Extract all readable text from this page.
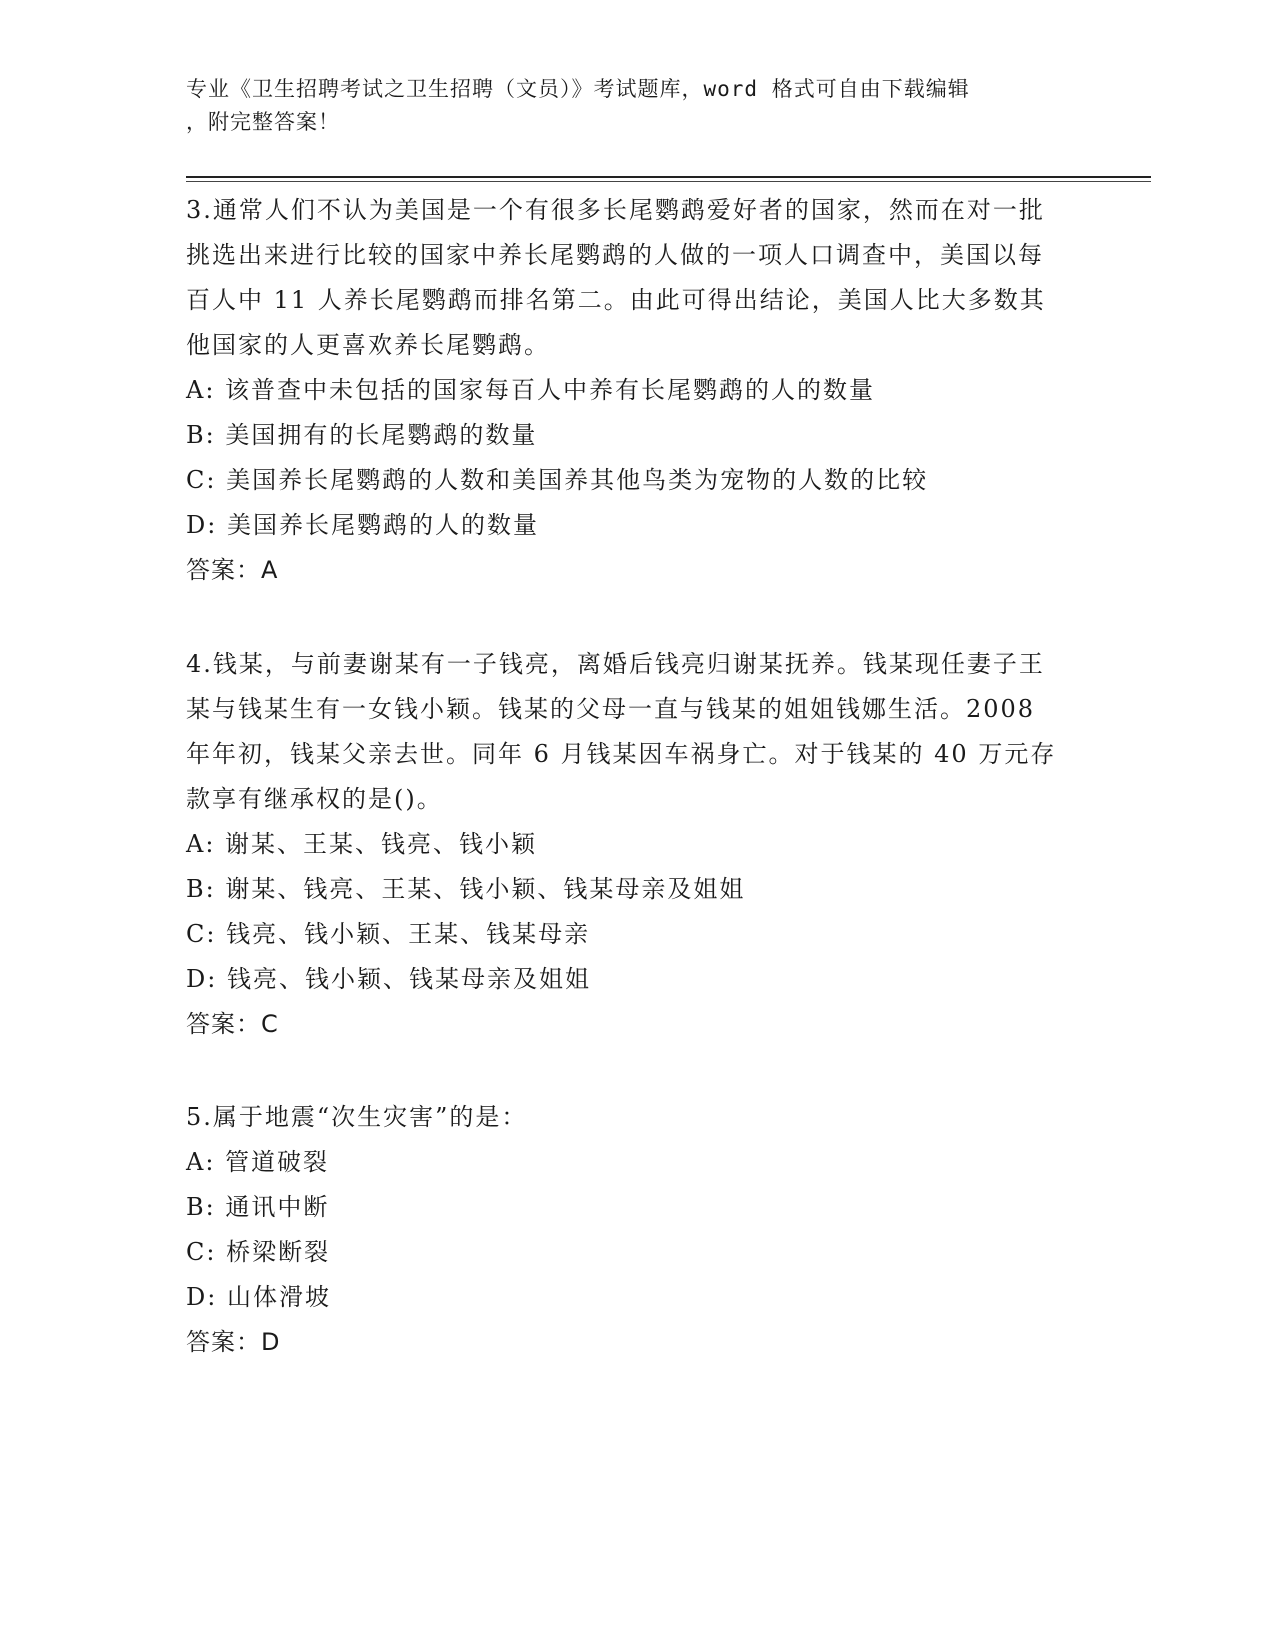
专业《卫生招聘考试之卫生招聘（文员）》考试题库，word 格式可自由下载编辑
，附完整答案！

3.通常人们不认为美国是一个有很多长尾鹦鹉爱好者的国家，然而在对一批挑选出来进行比较的国家中养长尾鹦鹉的人做的一项人口调查中，美国以每百人中 11 人养长尾鹦鹉而排名第二。由此可得出结论，美国人比大多数其他国家的人更喜欢养长尾鹦鹉。

A: 该普查中未包括的国家每百人中养有长尾鹦鹉的人的数量

B: 美国拥有的长尾鹦鹉的数量

C: 美国养长尾鹦鹉的人数和美国养其他鸟类为宠物的人数的比较

D: 美国养长尾鹦鹉的人的数量

答案：A

4.钱某，与前妻谢某有一子钱亮，离婚后钱亮归谢某抚养。钱某现任妻子王某与钱某生有一女钱小颖。钱某的父母一直与钱某的姐姐钱娜生活。2008 年年初，钱某父亲去世。同年 6 月钱某因车祸身亡。对于钱某的 40 万元存款享有继承权的是()。

A: 谢某、王某、钱亮、钱小颖

B: 谢某、钱亮、王某、钱小颖、钱某母亲及姐姐

C: 钱亮、钱小颖、王某、钱某母亲

D: 钱亮、钱小颖、钱某母亲及姐姐

答案：C

5.属于地震“次生灾害”的是：

A: 管道破裂

B: 通讯中断

C: 桥梁断裂

D: 山体滑坡

答案：D
